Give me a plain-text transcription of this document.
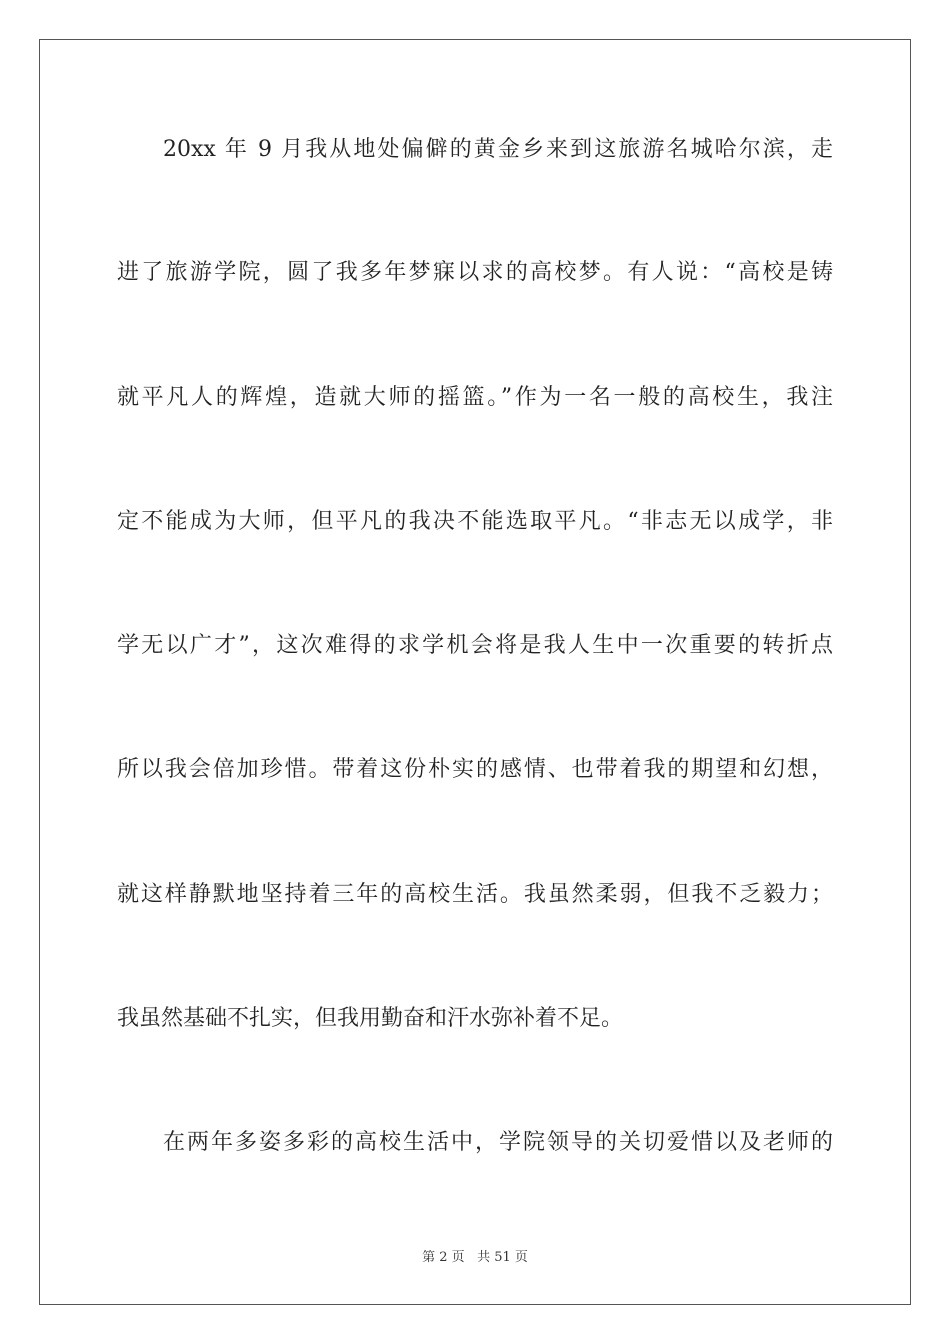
20xx 年 9 月我从地处偏僻的黄金乡来到这旅游名城哈尔滨，走
进了旅游学院，圆了我多年梦寐以求的高校梦。有人说：“高校是铸
就平凡人的辉煌，造就大师的摇篮。”作为一名一般的高校生，我注
定不能成为大师，但平凡的我决不能选取平凡。“非志无以成学，非
学无以广才”，这次难得的求学机会将是我人生中一次重要的转折点
所以我会倍加珍惜。带着这份朴实的感情、也带着我的期望和幻想，
就这样静默地坚持着三年的高校生活。我虽然柔弱，但我不乏毅力；
我虽然基础不扎实，但我用勤奋和汗水弥补着不足。
在两年多姿多彩的高校生活中，学院领导的关切爱惜以及老师的
第 2 页 共 51 页
